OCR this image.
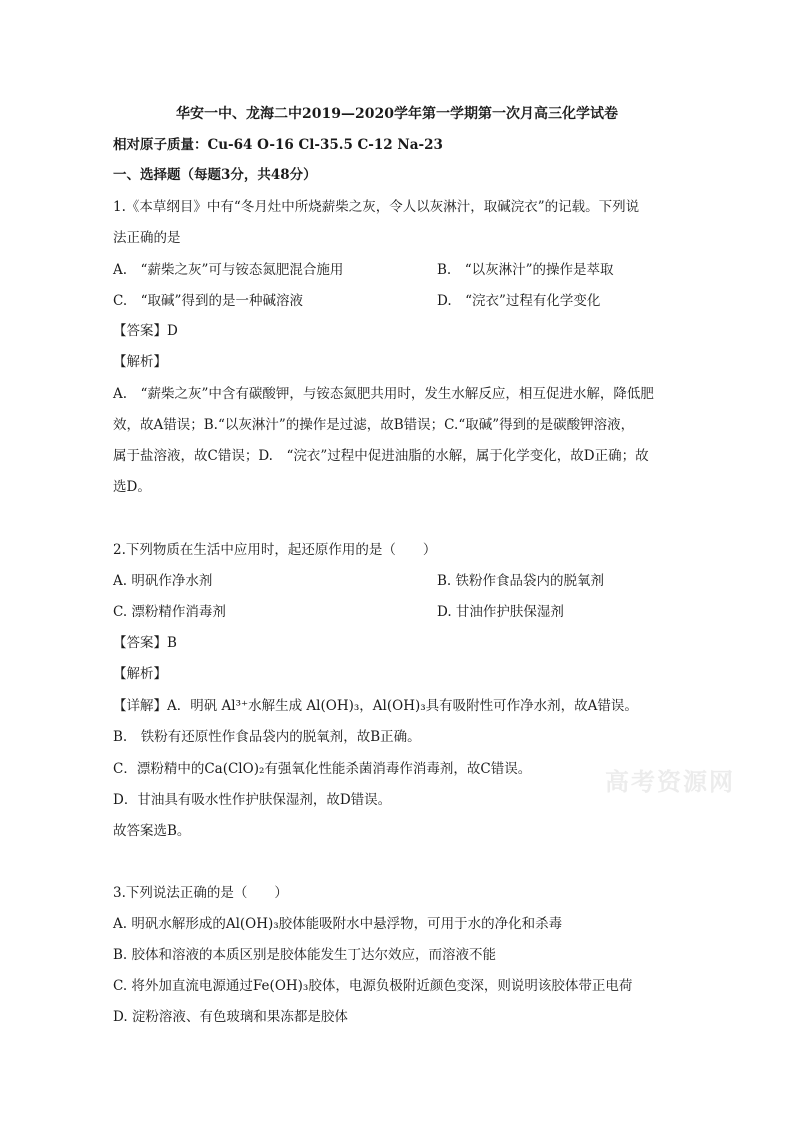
华安一中、龙海二中2019—2020学年第一学期第一次月高三化学试卷
相对原子质量：Cu-64 O-16 Cl-35.5 C-12 Na-23
一、选择题（每题3分，共48分）
1.《本草纲目》中有“冬月灶中所烧薪柴之灰，令人以灰淋汁，取碱浣衣”的记载。下列说
法正确的是
A.　“薪柴之灰”可与铵态氮肥混合施用	B.　“以灰淋汁”的操作是萃取
C.　“取碱”得到的是一种碱溶液	D.　“浣衣”过程有化学变化
【答案】D
【解析】
A.　“薪柴之灰”中含有碳酸钾，与铵态氮肥共用时，发生水解反应，相互促进水解，降低肥
效，故A错误；B.“以灰淋汁”的操作是过滤，故B错误；C.“取碱”得到的是碳酸钾溶液，
属于盐溶液，故C错误；D.　“浣衣”过程中促进油脂的水解，属于化学变化，故D正确；故
选D。
2.下列物质在生活中应用时，起还原作用的是（　　）
A. 明矾作净水剂	B. 铁粉作食品袋内的脱氧剂
C. 漂粉精作消毒剂	D. 甘油作护肤保湿剂
【答案】B
【解析】
【详解】A．明矾 Al³⁺水解生成 Al(OH)₃，Al(OH)₃具有吸附性可作净水剂，故A错误。
B.　铁粉有还原性作食品袋内的脱氧剂，故B正确。
C．漂粉精中的Ca(ClO)₂有强氧化性能杀菌消毒作消毒剂，故C错误。
D．甘油具有吸水性作护肤保湿剂，故D错误。
故答案选B。
3.下列说法正确的是（　　）
A. 明矾水解形成的Al(OH)₃胶体能吸附水中悬浮物，可用于水的净化和杀毒
B. 胶体和溶液的本质区别是胶体能发生丁达尔效应，而溶液不能
C. 将外加直流电源通过Fe(OH)₃胶体，电源负极附近颜色变深，则说明该胶体带正电荷
D. 淀粉溶液、有色玻璃和果冻都是胶体
高考资源网
